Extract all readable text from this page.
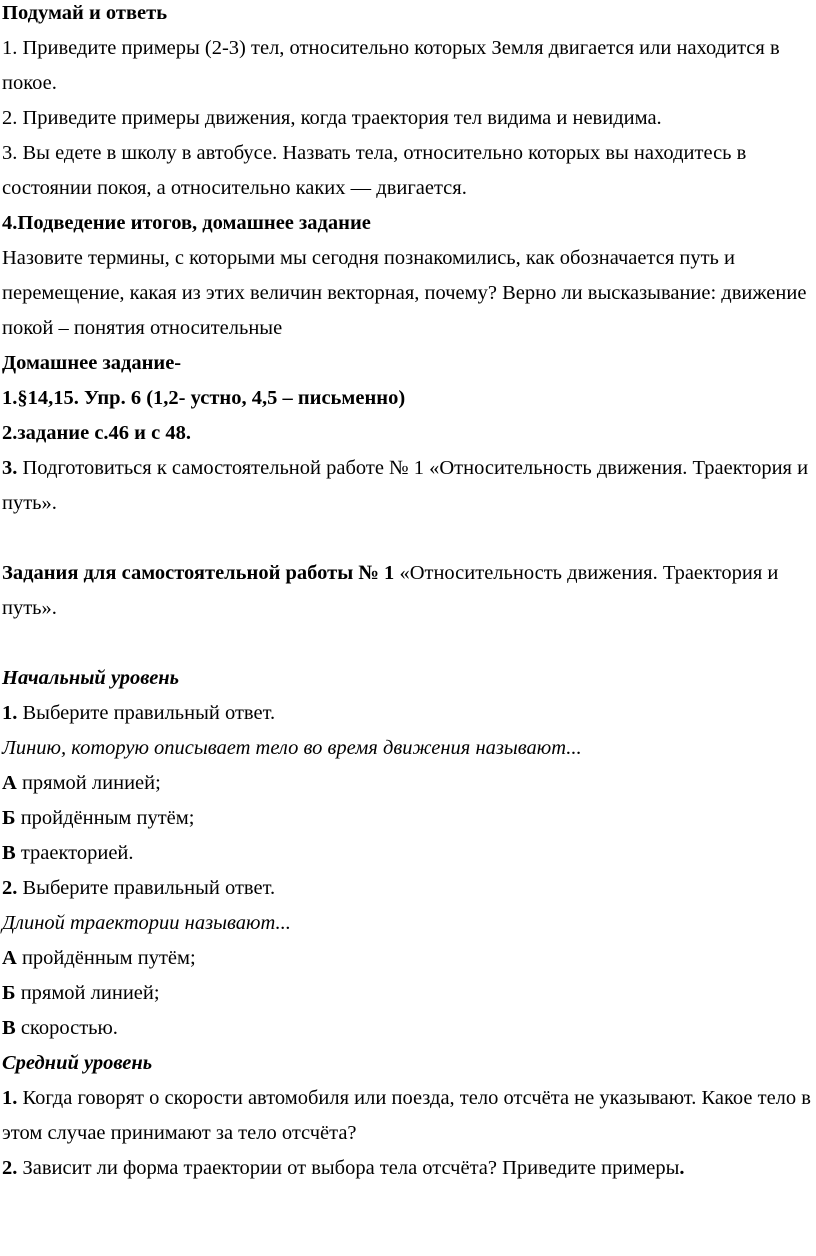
Подумай и ответь

1. Приведите примеры (2-3) тел, относительно которых Земля двигается или находится в покое.

2. Приведите примеры движения, когда траектория тел видима и невидима.

3. Вы едете в школу в автобусе. Назвать тела, относительно которых вы находитесь в состоянии покоя, а относительно каких — двигается.

4.Подведение итогов, домашнее задание

Назовите термины, с которыми мы сегодня познакомились, как обозначается путь и перемещение, какая из этих величин векторная, почему? Верно ли высказывание: движение покой – понятия относительные

Домашнее задание-

1.§14,15. Упр. 6 (1,2- устно, 4,5 – письменно)

2.задание с.46 и с 48.

3. Подготовиться к самостоятельной работе № 1 «Относительность движения. Траектория и путь».

Задания для самостоятельной работы № 1 «Относительность движения. Траектория и путь».

Начальный уровень

1. Выберите правильный ответ.

Линию, которую описывает тело во время движения называют...

А прямой линией;

Б пройдённым путём;

В траекторией.

2. Выберите правильный ответ.

Длиной траектории называют...

А пройдённым путём;

Б прямой линией;

В скоростью.

Средний уровень

1. Когда говорят о скорости автомобиля или поезда, тело отсчёта не указывают. Какое тело в этом случае принимают за тело отсчёта?

2. Зависит ли форма траектории от выбора тела отсчёта? Приведите примеры.
